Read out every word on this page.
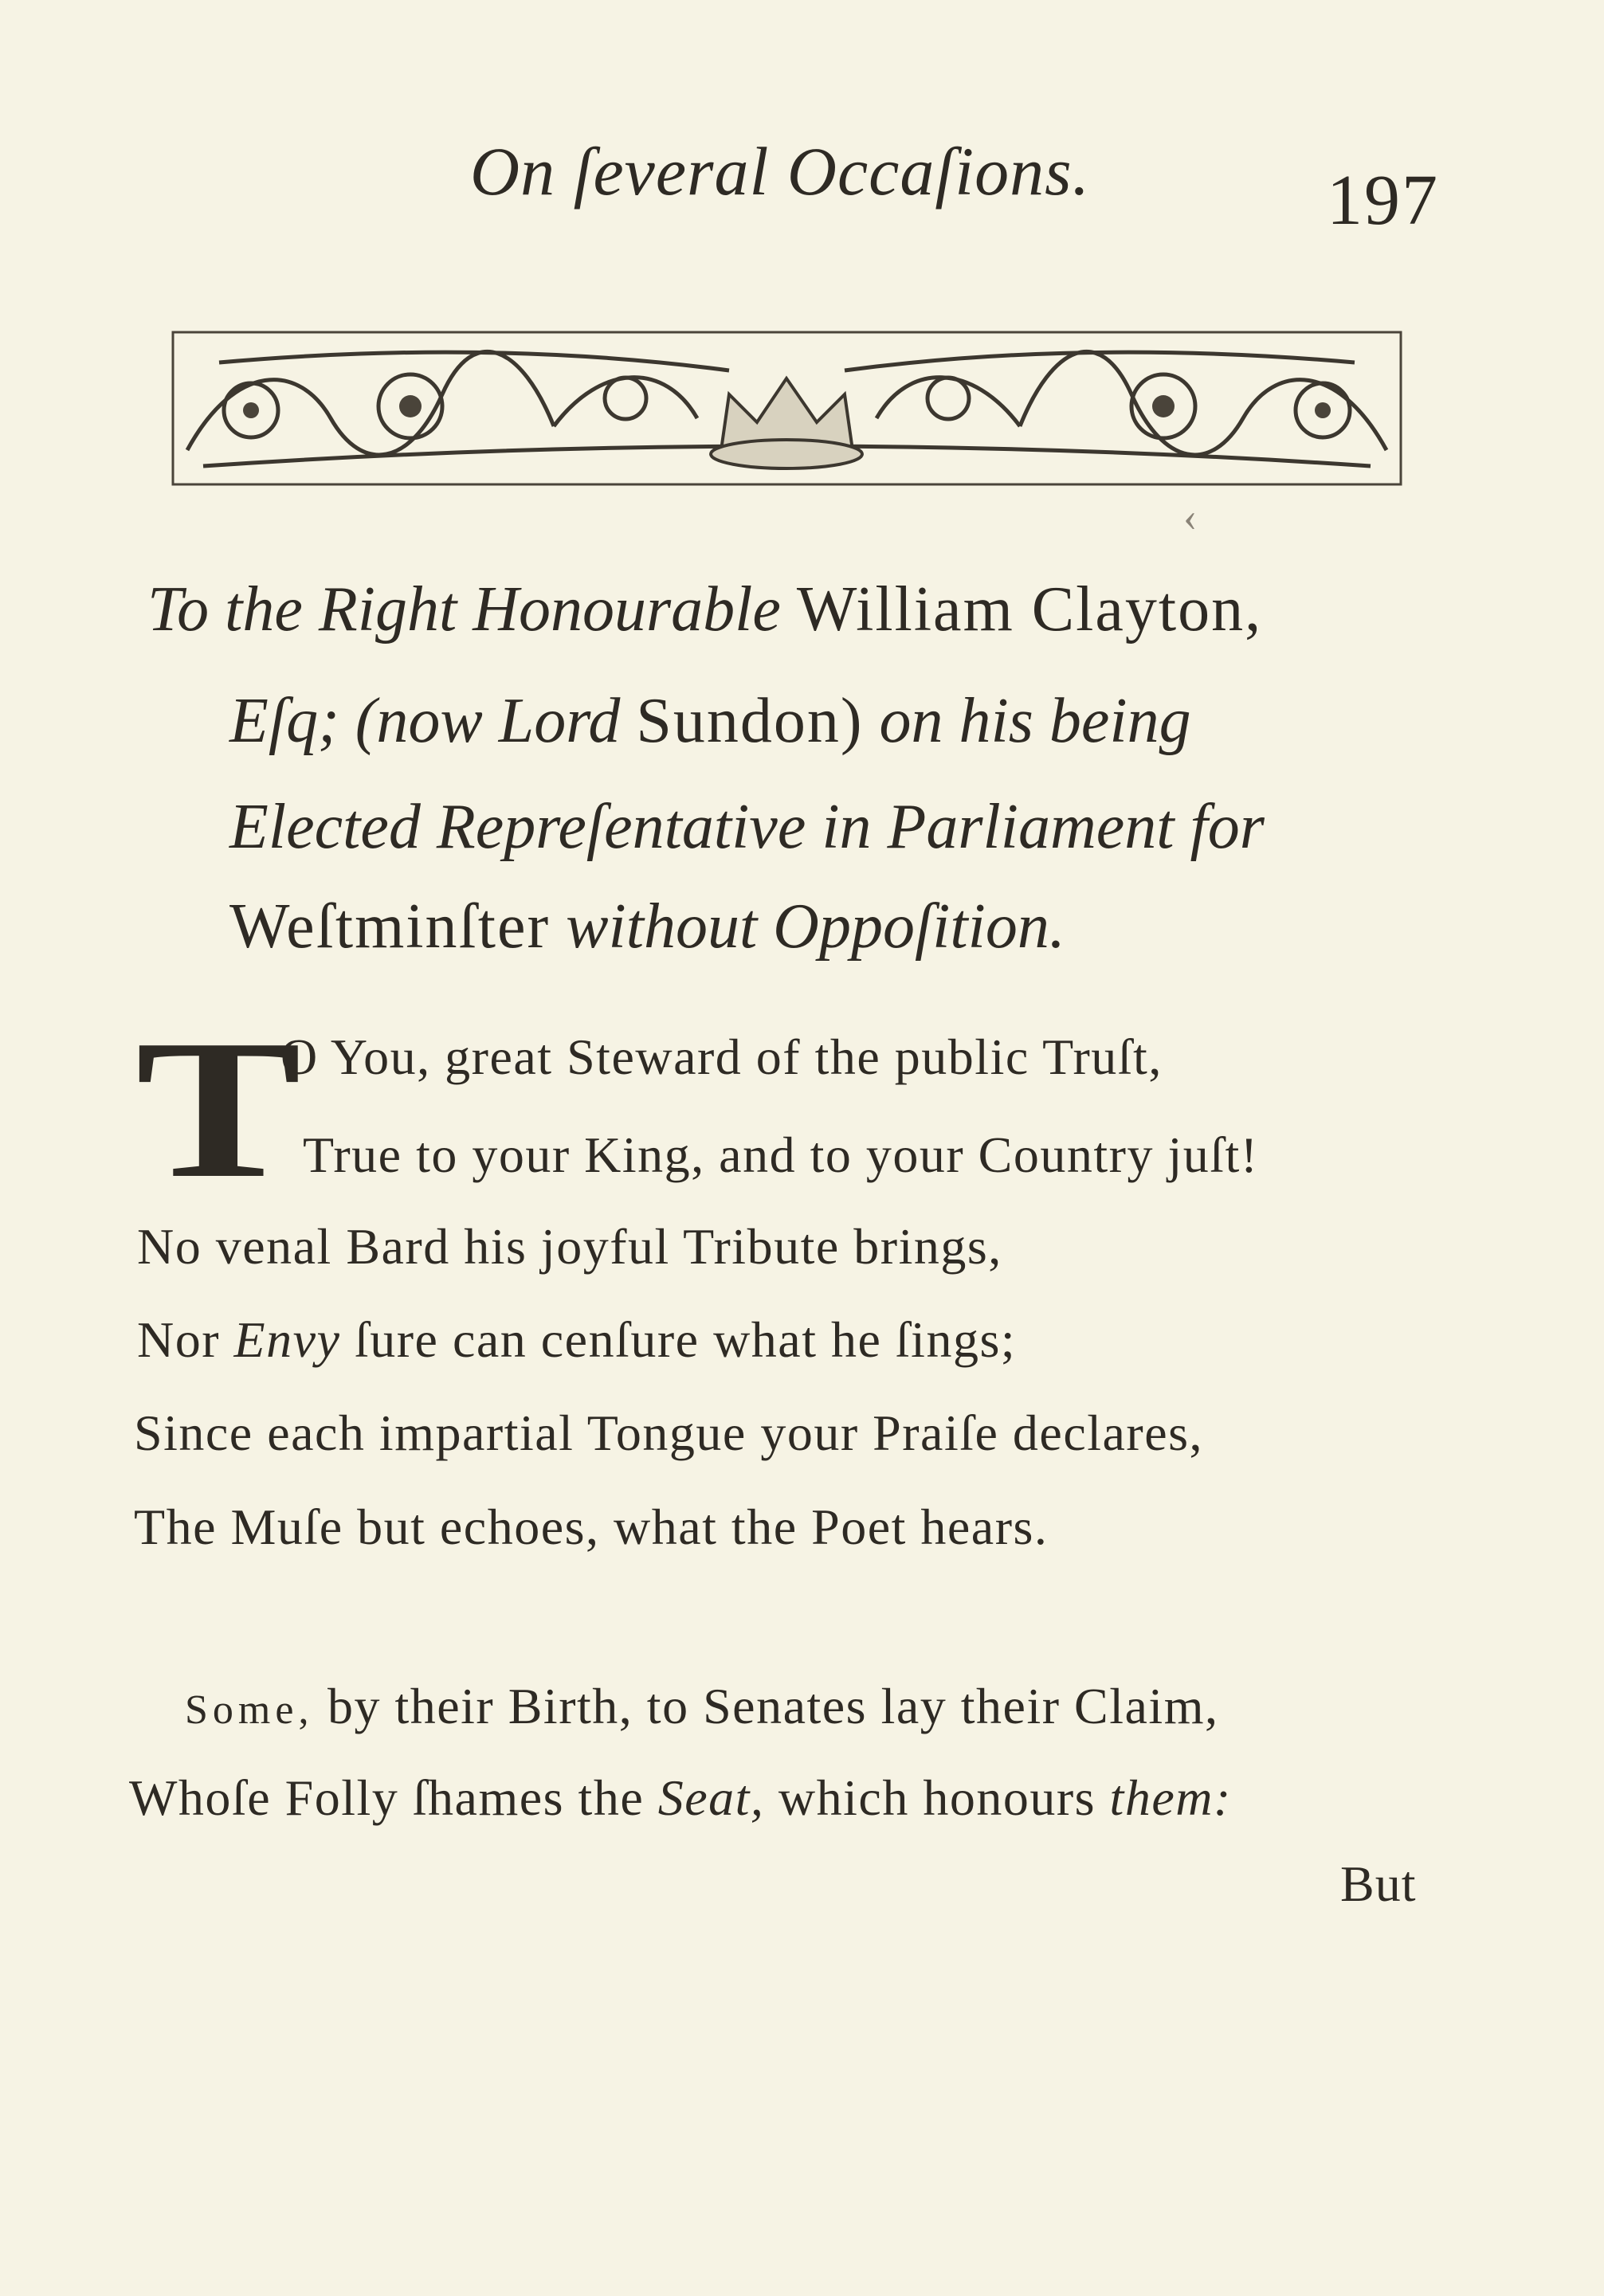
On ſeveral Occaſions.	197
‹
To the Right Honourable William Clayton,
Eſq; (now Lord Sundon) on his being
Elected Repreſentative in Parliament for
Weſtminſter without Oppoſition.
T
O You, great Steward of the public Truſt,
True to your King, and to your Country juſt!
No venal Bard his joyful Tribute brings,
Nor Envy ſure can cenſure what he ſings;
Since each impartial Tongue your Praiſe declares,
The Muſe but echoes, what the Poet hears.
Some, by their Birth, to Senates lay their Claim,
Whoſe Folly ſhames the Seat, which honours them:
But
